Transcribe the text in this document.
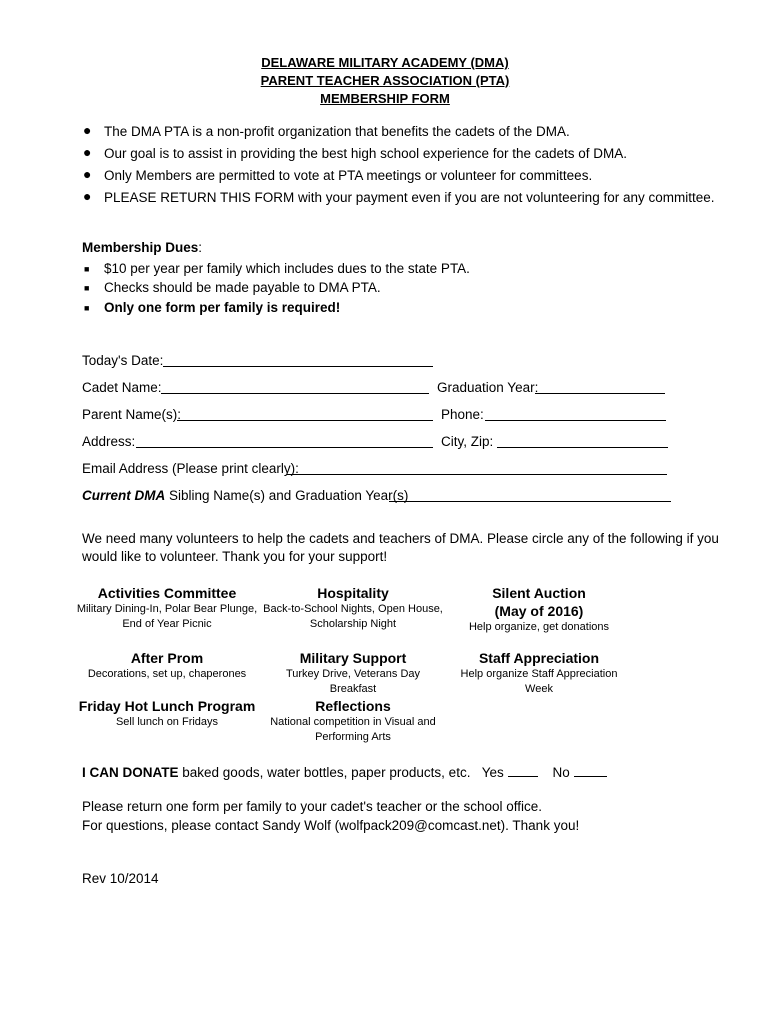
DELAWARE MILITARY ACADEMY (DMA)
PARENT TEACHER ASSOCIATION (PTA)
MEMBERSHIP FORM
● The DMA PTA is a non-profit organization that benefits the cadets of the DMA.
● Our goal is to assist in providing the best high school experience for the cadets of DMA.
● Only Members are permitted to vote at PTA meetings or volunteer for committees.
● PLEASE RETURN THIS FORM with your payment even if you are not volunteering for any committee.
Membership Dues:
■ $10 per year per family which includes dues to the state PTA.
■ Checks should be made payable to DMA PTA.
■ Only one form per family is required!
Today's Date:
Cadet Name:	Graduation Year:
Parent Name(s):	Phone:
Address:	City, Zip:
Email Address (Please print clearly):
Current DMA Sibling Name(s) and Graduation Year(s)
We need many volunteers to help the cadets and teachers of DMA. Please circle any of the following if you
would like to volunteer. Thank you for your support!
Activities Committee
Military Dining-In, Polar Bear Plunge,
End of Year Picnic
Hospitality
Back-to-School Nights, Open House,
Scholarship Night
Silent Auction
(May of 2016)
Help organize, get donations
After Prom
Decorations, set up, chaperones
Military Support
Turkey Drive, Veterans Day
Breakfast
Staff Appreciation
Help organize Staff Appreciation
Week
Friday Hot Lunch Program
Sell lunch on Fridays
Reflections
National competition in Visual and
Performing Arts
I CAN DONATE baked goods, water bottles, paper products, etc. Yes	No
Please return one form per family to your cadet's teacher or the school office.
For questions, please contact Sandy Wolf (wolfpack209@comcast.net). Thank you!
Rev 10/2014
